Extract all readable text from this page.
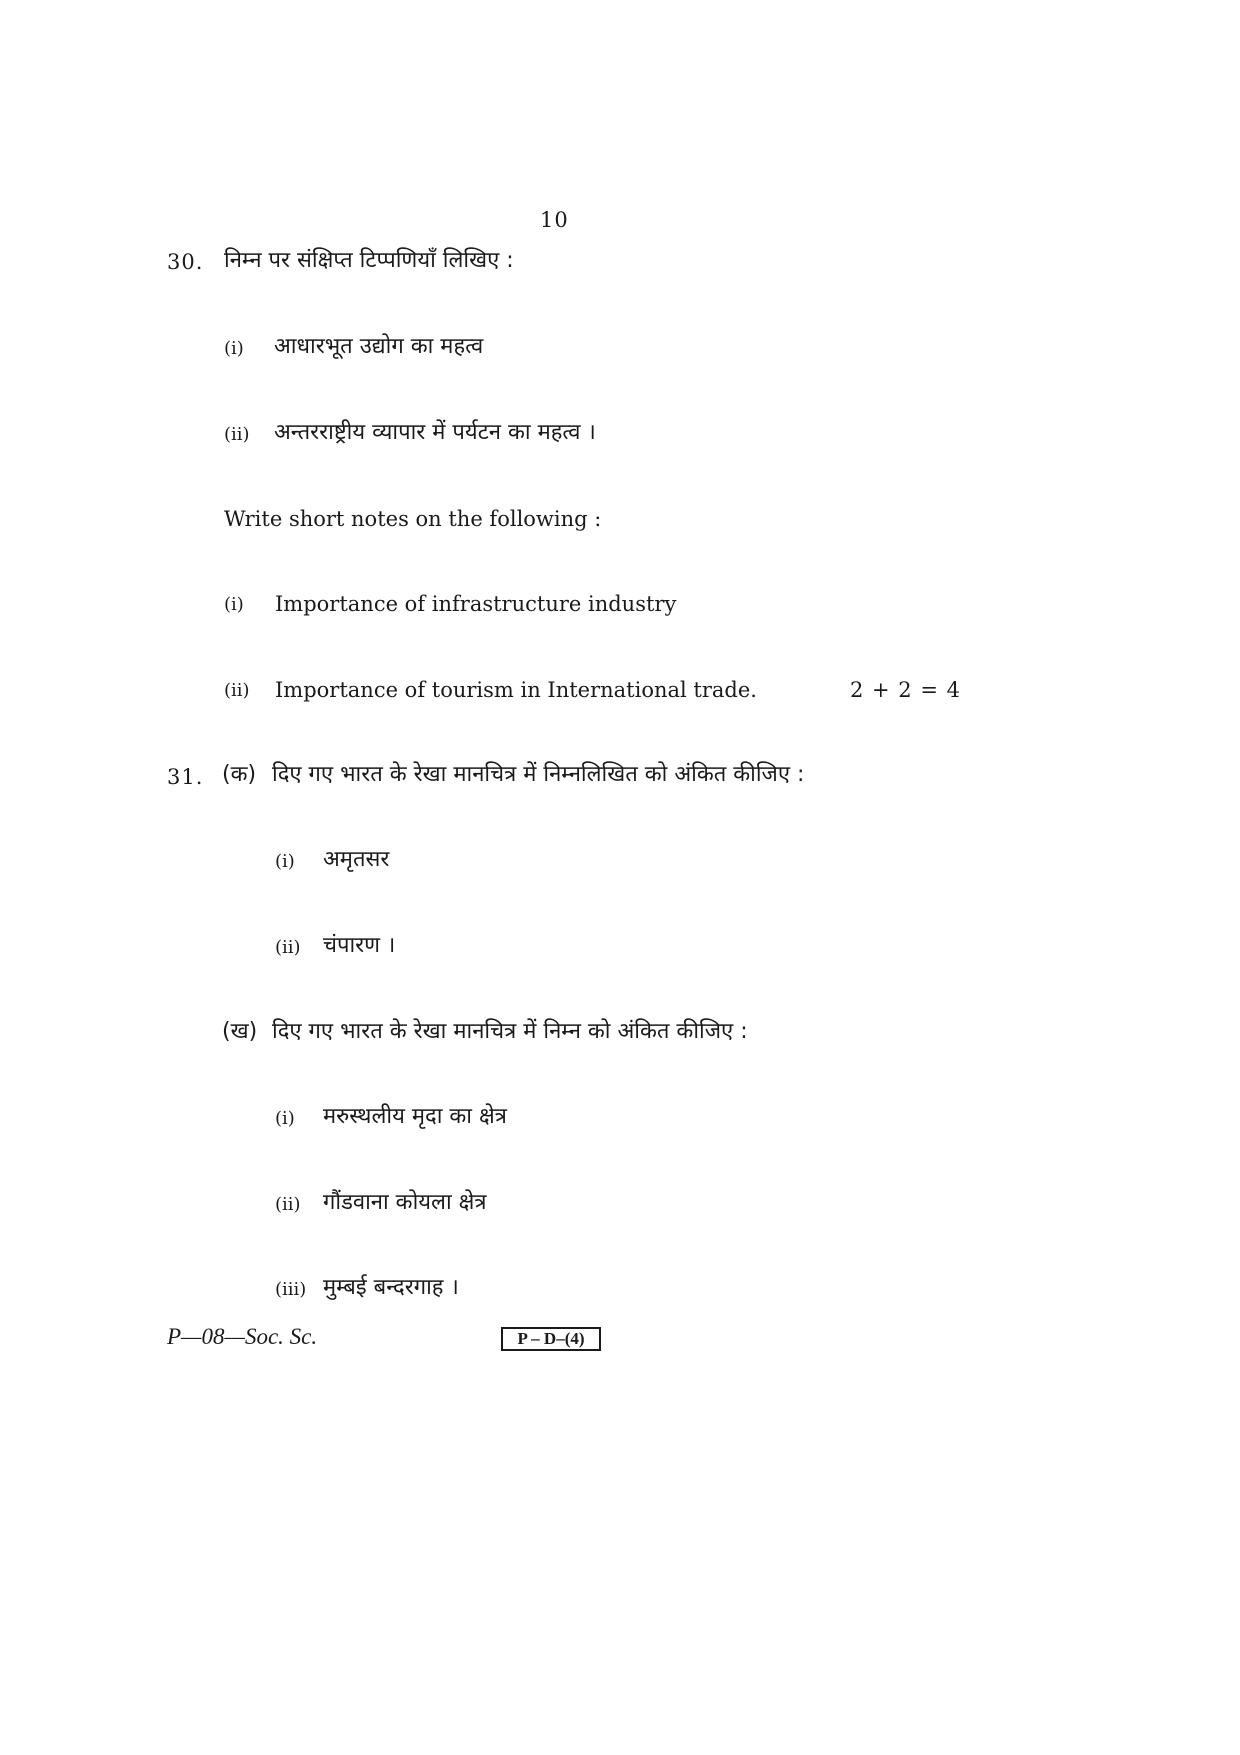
10
30. निम्न पर संक्षिप्त टिप्पणियाँ लिखिए :
(i) आधारभूत उद्योग का महत्व
(ii) अन्तरराष्ट्रीय व्यापार में पर्यटन का महत्व ।
Write short notes on the following :
(i) Importance of infrastructure industry
(ii) Importance of tourism in International trade.	2 + 2 = 4
31. (क) दिए गए भारत के रेखा मानचित्र में निम्नलिखित को अंकित कीजिए :
(i) अमृतसर
(ii) चंपारण ।
(ख) दिए गए भारत के रेखा मानचित्र में निम्न को अंकित कीजिए :
(i) मरुस्थलीय मृदा का क्षेत्र
(ii) गौंडवाना कोयला क्षेत्र
(iii) मुम्बई बन्दरगाह ।
P—08—Soc. Sc.	P – D–(4)
